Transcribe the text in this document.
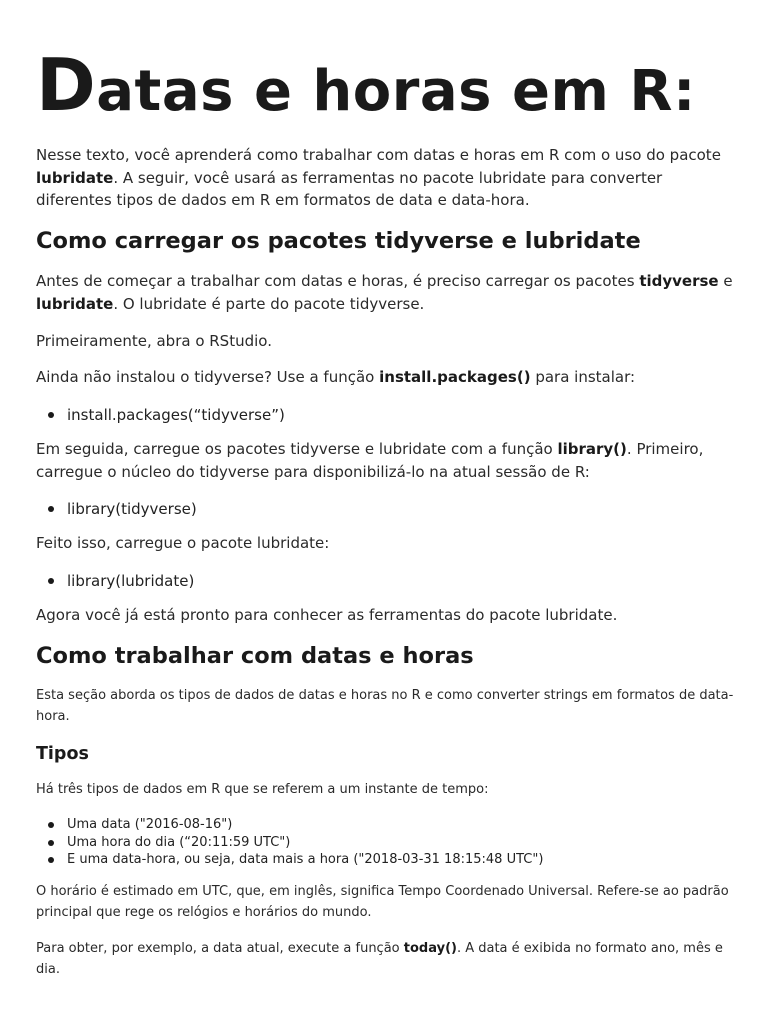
Datas e horas em R:

Nesse texto, você aprenderá como trabalhar com datas e horas em R com o uso do pacote lubridate. A seguir, você usará as ferramentas no pacote lubridate para converter diferentes tipos de dados em R em formatos de data e data-hora.

Como carregar os pacotes tidyverse e lubridate

Antes de começar a trabalhar com datas e horas, é preciso carregar os pacotes tidyverse e lubridate. O lubridate é parte do pacote tidyverse.

Primeiramente, abra o RStudio.

Ainda não instalou o tidyverse? Use a função install.packages() para instalar:

install.packages(“tidyverse”)

Em seguida, carregue os pacotes tidyverse e lubridate com a função library(). Primeiro, carregue o núcleo do tidyverse para disponibilizá-lo na atual sessão de R:

library(tidyverse)

Feito isso, carregue o pacote lubridate:

library(lubridate)

Agora você já está pronto para conhecer as ferramentas do pacote lubridate.

Como trabalhar com datas e horas

Esta seção aborda os tipos de dados de datas e horas no R e como converter strings em formatos de data-hora.

Tipos

Há três tipos de dados em R que se referem a um instante de tempo:

Uma data ("2016-08-16")
Uma hora do dia (“20:11:59 UTC")
E uma data-hora, ou seja, data mais a hora ("2018-03-31 18:15:48 UTC")

O horário é estimado em UTC, que, em inglês, significa Tempo Coordenado Universal. Refere-se ao padrão principal que rege os relógios e horários do mundo.

Para obter, por exemplo, a data atual, execute a função today(). A data é exibida no formato ano, mês e dia.
